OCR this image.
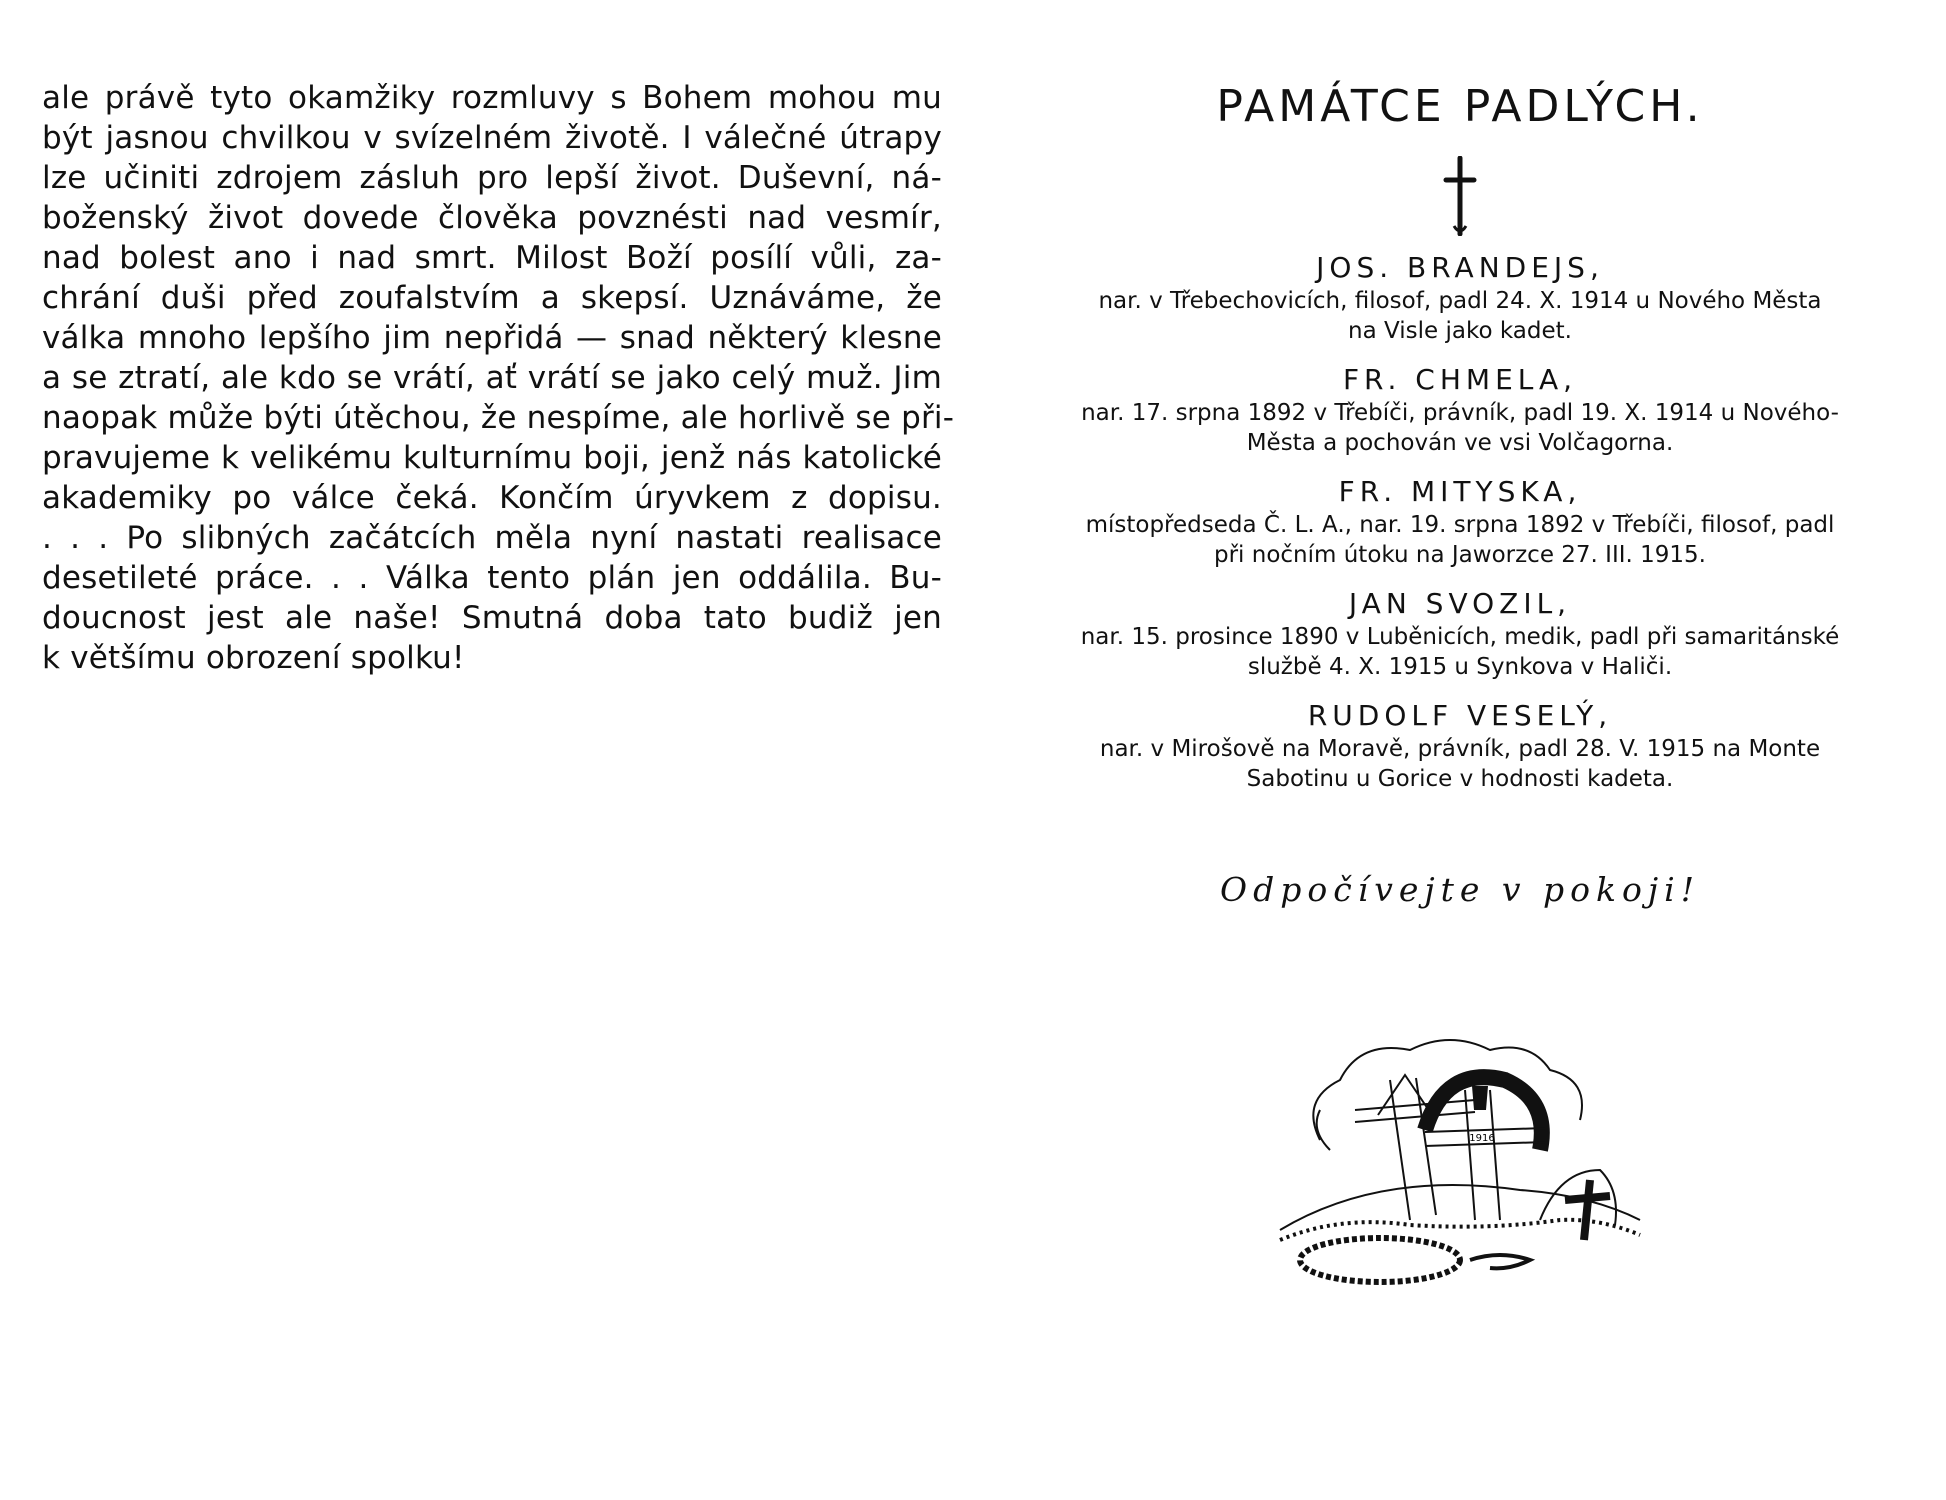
ale právě tyto okamžiky rozmluvy s Bohem mohou mu
být jasnou chvilkou v svízelném životě. I válečné útrapy
lze učiniti zdrojem zásluh pro lepší život. Duševní, ná-
boženský život dovede člověka povznésti nad vesmír,
nad bolest ano i nad smrt. Milost Boží posílí vůli, za-
chrání duši před zoufalstvím a skepsí. Uznáváme, že
válka mnoho lepšího jim nepřidá — snad některý klesne
a se ztratí, ale kdo se vrátí, ať vrátí se jako celý muž. Jim
naopak může býti útěchou, že nespíme, ale horlivě se při-
pravujeme k velikému kulturnímu boji, jenž nás katolické
akademiky po válce čeká. Končím úryvkem z dopisu.
. . . Po slibných začátcích měla nyní nastati realisace
desetileté práce. . . Válka tento plán jen oddálila. Bu-
doucnost jest ale naše! Smutná doba tato budiž jen
k většímu obrození spolku!
PAMÁTCE PADLÝCH.
JOS. BRANDEJS,
nar. v Třebechovicích, filosof, padl 24. X. 1914 u Nového Města
na Visle jako kadet.
FR. CHMELA,
nar. 17. srpna 1892 v Třebíči, právník, padl 19. X. 1914 u Nového-
Města a pochován ve vsi Volčagorna.
FR. MITYSKA,
místopředseda Č. L. A., nar. 19. srpna 1892 v Třebíči, filosof, padl
při nočním útoku na Jaworzce 27. III. 1915.
JAN SVOZIL,
nar. 15. prosince 1890 v Luběnicích, medik, padl při samaritánské
službě 4. X. 1915 u Synkova v Haliči.
RUDOLF VESELÝ,
nar. v Mirošově na Moravě, právník, padl 28. V. 1915 na Monte
Sabotinu u Gorice v hodnosti kadeta.
Odpočívejte v pokoji!
1916
